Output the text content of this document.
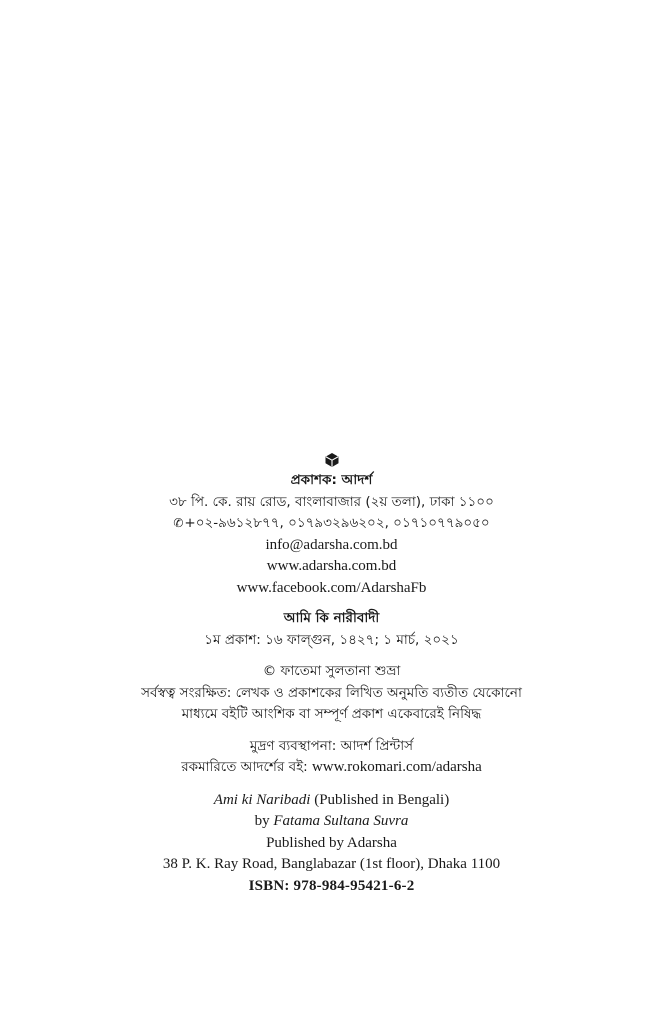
প্রকাশক: আদর্শ
৩৮ পি. কে. রায় রোড, বাংলাবাজার (২য় তলা), ঢাকা ১১০০
✆+০২-৯৬১২৮৭৭, ০১৭৯৩২৯৬২০২, ০১৭১০৭৭৯০৫০
info@adarsha.com.bd
www.adarsha.com.bd
www.facebook.com/AdarshaFb
আমি কি নারীবাদী
১ম প্রকাশ: ১৬ ফাল্গুন, ১৪২৭; ১ মার্চ, ২০২১
© ফাতেমা সুলতানা শুভ্রা
সর্বস্বত্ব সংরক্ষিত: লেখক ও প্রকাশকের লিখিত অনুমতি ব্যতীত যেকোনো
মাধ্যমে বইটি আংশিক বা সম্পূর্ণ প্রকাশ একেবারেই নিষিদ্ধ
মুদ্রণ ব্যবস্থাপনা: আদর্শ প্রিন্টার্স
রকমারিতে আদর্শের বই: www.rokomari.com/adarsha
Ami ki Naribadi (Published in Bengali)
by Fatama Sultana Suvra
Published by Adarsha
38 P. K. Ray Road, Banglabazar (1st floor), Dhaka 1100
ISBN: 978-984-95421-6-2
